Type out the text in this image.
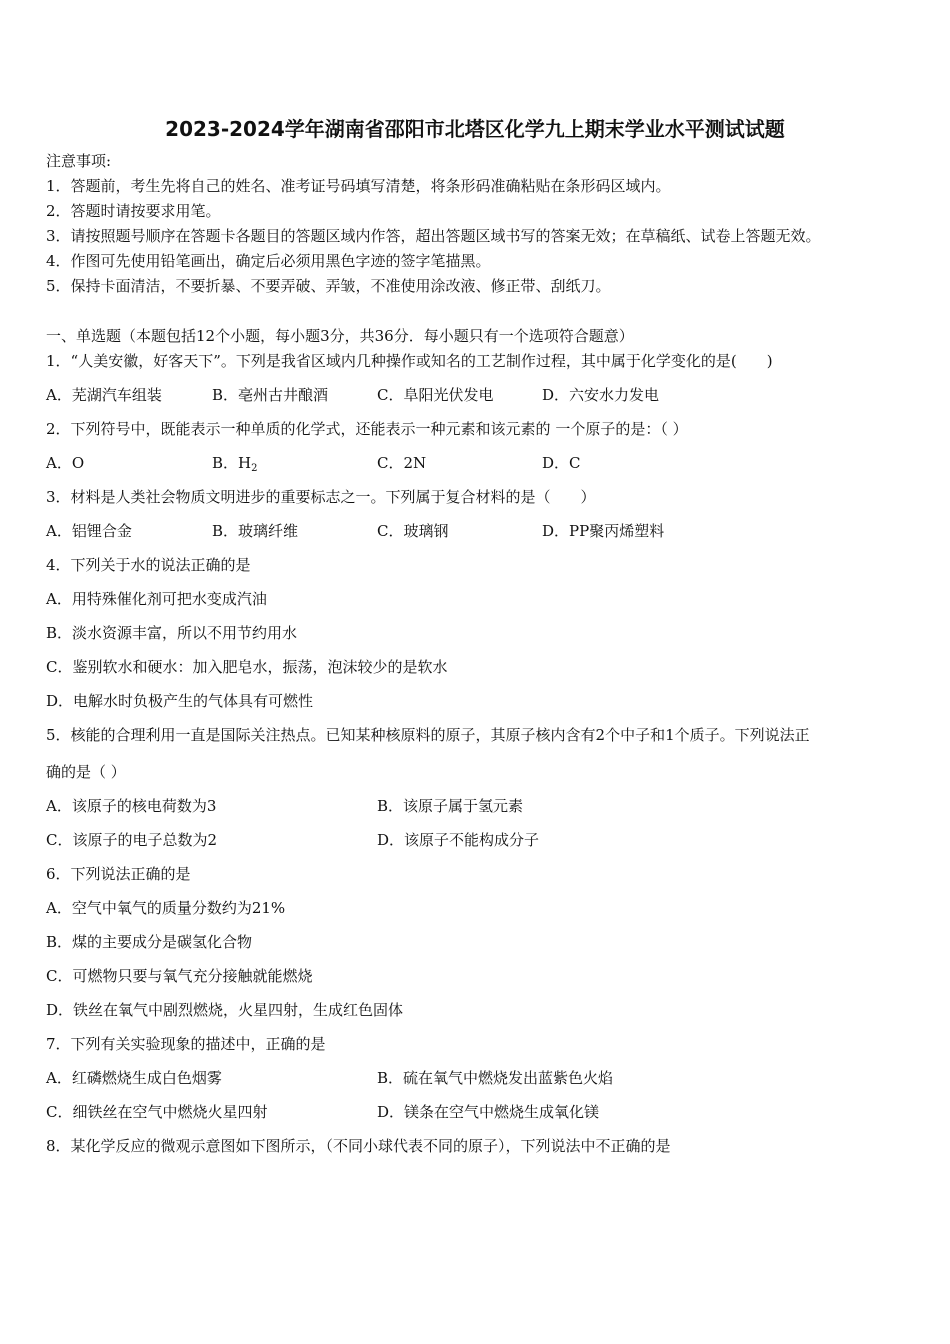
2023-2024学年湖南省邵阳市北塔区化学九上期末学业水平测试试题
注意事项:
1．答题前，考生先将自己的姓名、准考证号码填写清楚，将条形码准确粘贴在条形码区域内。
2．答题时请按要求用笔。
3．请按照题号顺序在答题卡各题目的答题区域内作答，超出答题区域书写的答案无效；在草稿纸、试卷上答题无效。
4．作图可先使用铅笔画出，确定后必须用黑色字迹的签字笔描黑。
5．保持卡面清洁，不要折暴、不要弄破、弄皱，不准使用涂改液、修正带、刮纸刀。
一、单选题（本题包括12个小题，每小题3分，共36分．每小题只有一个选项符合题意）
1．“人美安徽，好客天下”。下列是我省区域内几种操作或知名的工艺制作过程，其中属于化学变化的是(　　)
A．芜湖汽车组装	B．亳州古井酿酒	C．阜阳光伏发电	D．六安水力发电
2．下列符号中，既能表示一种单质的化学式，还能表示一种元素和该元素的 一个原子的是：（ ）
A．O	B．$H_2$	C．2N	D．C
3．材料是人类社会物质文明进步的重要标志之一。下列属于复合材料的是（　　）
A．铝锂合金	B．玻璃纤维	C．玻璃钢	D．PP聚丙烯塑料
4．下列关于水的说法正确的是
A．用特殊催化剂可把水变成汽油
B．淡水资源丰富，所以不用节约用水
C．鉴别软水和硬水：加入肥皂水，振荡，泡沫较少的是软水
D．电解水时负极产生的气体具有可燃性
5．核能的合理利用一直是国际关注热点。已知某种核原料的原子，其原子核内含有2个中子和1个质子。下列说法正
确的是（ ）
A．该原子的核电荷数为3	B．该原子属于氢元素
C．该原子的电子总数为2	D．该原子不能构成分子
6．下列说法正确的是
A．空气中氧气的质量分数约为21%
B．煤的主要成分是碳氢化合物
C．可燃物只要与氧气充分接触就能燃烧
D．铁丝在氧气中剧烈燃烧，火星四射，生成红色固体
7．下列有关实验现象的描述中，正确的是
A．红磷燃烧生成白色烟雾	B．硫在氧气中燃烧发出蓝紫色火焰
C．细铁丝在空气中燃烧火星四射	D．镁条在空气中燃烧生成氧化镁
8．某化学反应的微观示意图如下图所示，（不同小球代表不同的原子），下列说法中不正确的是
